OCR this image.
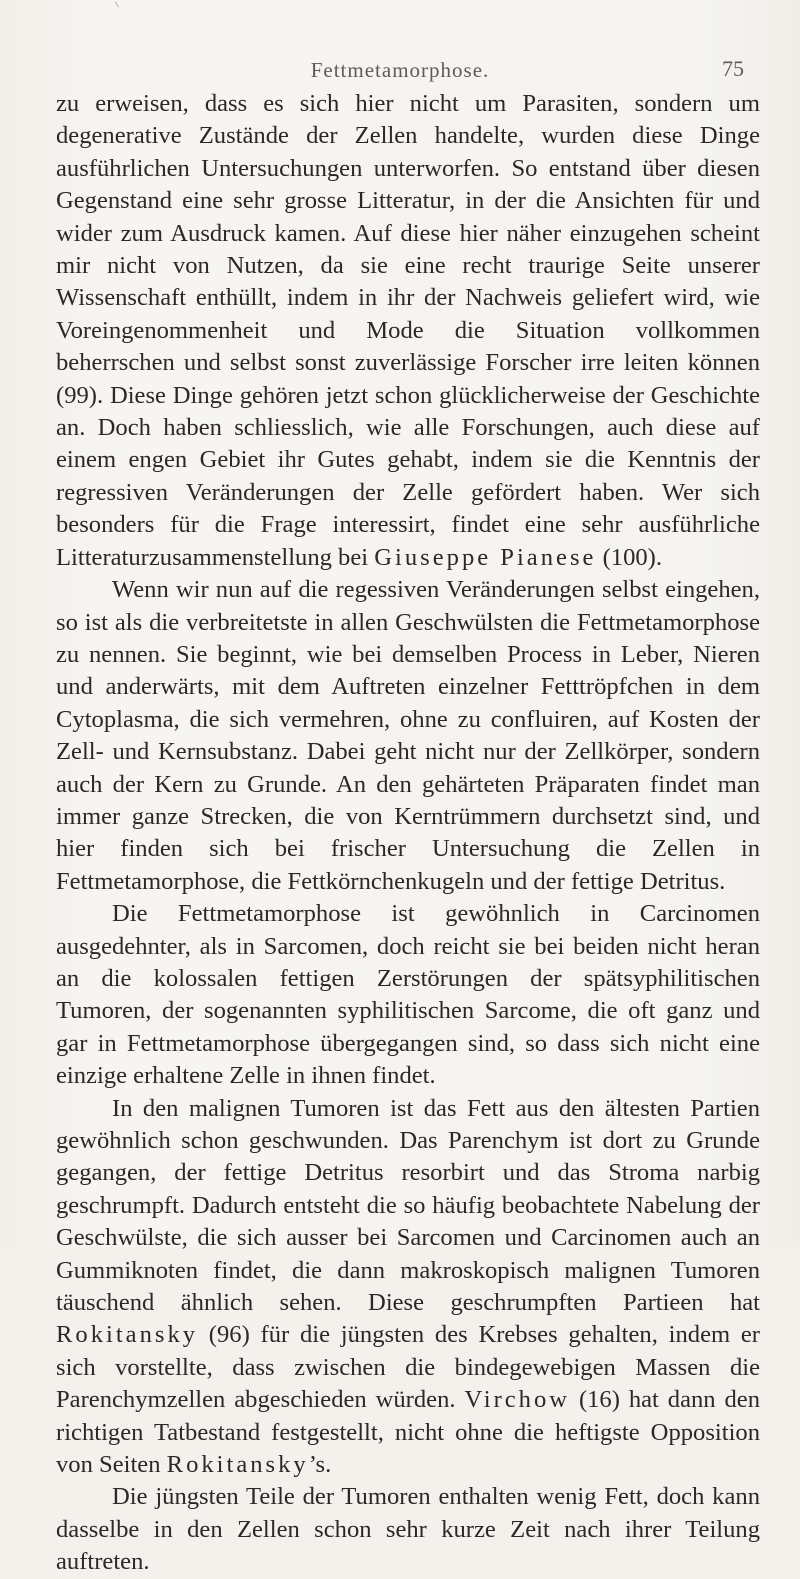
Fettmetamorphose.	75

zu erweisen, dass es sich hier nicht um Parasiten, sondern um degenerative Zustände der Zellen handelte, wurden diese Dinge ausführlichen Untersuchungen unterworfen. So entstand über diesen Gegenstand eine sehr grosse Litteratur, in der die Ansichten für und wider zum Ausdruck kamen. Auf diese hier näher einzugehen scheint mir nicht von Nutzen, da sie eine recht traurige Seite unserer Wissenschaft enthüllt, indem in ihr der Nachweis geliefert wird, wie Voreingenommenheit und Mode die Situation vollkommen beherrschen und selbst sonst zuverlässige Forscher irre leiten können (99). Diese Dinge gehören jetzt schon glücklicherweise der Geschichte an. Doch haben schliesslich, wie alle Forschungen, auch diese auf einem engen Gebiet ihr Gutes gehabt, indem sie die Kenntnis der regressiven Veränderungen der Zelle gefördert haben. Wer sich besonders für die Frage interessirt, findet eine sehr ausführliche Litteraturzusammenstellung bei Giuseppe Pianese (100).

Wenn wir nun auf die regessiven Veränderungen selbst eingehen, so ist als die verbreitetste in allen Geschwülsten die Fettmetamorphose zu nennen. Sie beginnt, wie bei demselben Process in Leber, Nieren und anderwärts, mit dem Auftreten einzelner Fetttröpfchen in dem Cytoplasma, die sich vermehren, ohne zu confluiren, auf Kosten der Zell- und Kernsubstanz. Dabei geht nicht nur der Zellkörper, sondern auch der Kern zu Grunde. An den gehärteten Präparaten findet man immer ganze Strecken, die von Kerntrümmern durchsetzt sind, und hier finden sich bei frischer Untersuchung die Zellen in Fettmetamorphose, die Fettkörnchenkugeln und der fettige Detritus.

Die Fettmetamorphose ist gewöhnlich in Carcinomen ausgedehnter, als in Sarcomen, doch reicht sie bei beiden nicht heran an die kolossalen fettigen Zerstörungen der spätsyphilitischen Tumoren, der sogenannten syphilitischen Sarcome, die oft ganz und gar in Fettmetamorphose übergegangen sind, so dass sich nicht eine einzige erhaltene Zelle in ihnen findet.

In den malignen Tumoren ist das Fett aus den ältesten Partien gewöhnlich schon geschwunden. Das Parenchym ist dort zu Grunde gegangen, der fettige Detritus resorbirt und das Stroma narbig geschrumpft. Dadurch entsteht die so häufig beobachtete Nabelung der Geschwülste, die sich ausser bei Sarcomen und Carcinomen auch an Gummiknoten findet, die dann makroskopisch malignen Tumoren täuschend ähnlich sehen. Diese geschrumpften Partieen hat Rokitansky (96) für die jüngsten des Krebses gehalten, indem er sich vorstellte, dass zwischen die bindegewebigen Massen die Parenchymzellen abgeschieden würden. Virchow (16) hat dann den richtigen Tatbestand festgestellt, nicht ohne die heftigste Opposition von Seiten Rokitansky’s.

Die jüngsten Teile der Tumoren enthalten wenig Fett, doch kann dasselbe in den Zellen schon sehr kurze Zeit nach ihrer Teilung auftreten.
